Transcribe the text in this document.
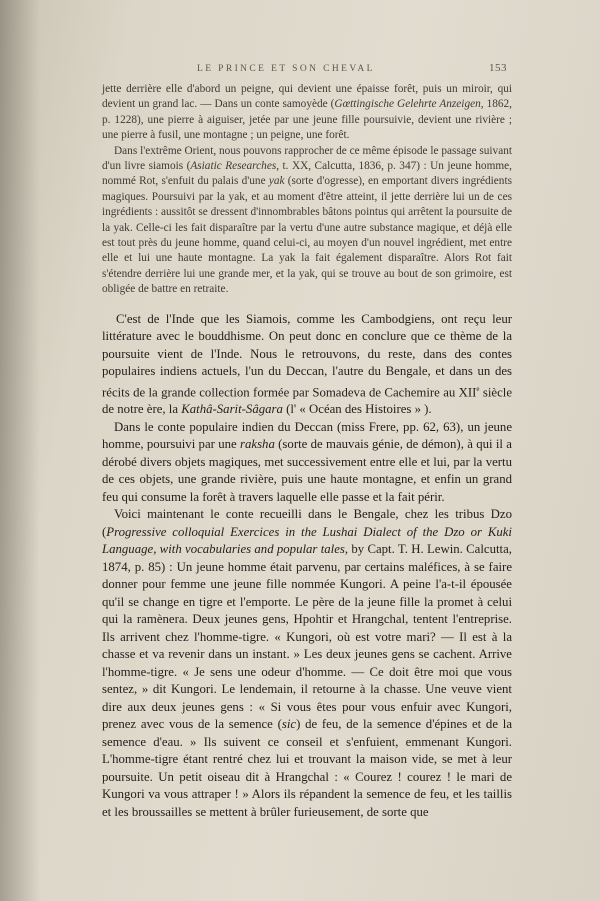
LE PRINCE ET SON CHEVAL	153

jette derrière elle d'abord un peigne, qui devient une épaisse forêt, puis un miroir, qui devient un grand lac. — Dans un conte samoyède (Gœttingische Gelehrte Anzeigen, 1862, p. 1228), une pierre à aiguiser, jetée par une jeune fille poursuivie, devient une rivière ; une pierre à fusil, une montagne ; un peigne, une forêt.

Dans l'extrême Orient, nous pouvons rapprocher de ce même épisode le passage suivant d'un livre siamois (Asiatic Researches, t. XX, Calcutta, 1836, p. 347) : Un jeune homme, nommé Rot, s'enfuit du palais d'une yak (sorte d'ogresse), en emportant divers ingrédients magiques. Poursuivi par la yak, et au moment d'être atteint, il jette derrière lui un de ces ingrédients : aussitôt se dressent d'innombrables bâtons pointus qui arrêtent la poursuite de la yak. Celle-ci les fait disparaître par la vertu d'une autre substance magique, et déjà elle est tout près du jeune homme, quand celui-ci, au moyen d'un nouvel ingrédient, met entre elle et lui une haute montagne. La yak la fait également disparaître. Alors Rot fait s'étendre derrière lui une grande mer, et la yak, qui se trouve au bout de son grimoire, est obligée de battre en retraite.

C'est de l'Inde que les Siamois, comme les Cambodgiens, ont reçu leur littérature avec le bouddhisme. On peut donc en conclure que ce thème de la poursuite vient de l'Inde. Nous le retrouvons, du reste, dans des contes populaires indiens actuels, l'un du Deccan, l'autre du Bengale, et dans un des récits de la grande collection formée par Somadeva de Cachemire au XIIe siècle de notre ère, la Kathâ-Sarit-Sâgara (l' « Océan des Histoires » ).

Dans le conte populaire indien du Deccan (miss Frere, pp. 62, 63), un jeune homme, poursuivi par une raksha (sorte de mauvais génie, de démon), à qui il a dérobé divers objets magiques, met successivement entre elle et lui, par la vertu de ces objets, une grande rivière, puis une haute montagne, et enfin un grand feu qui consume la forêt à travers laquelle elle passe et la fait périr.

Voici maintenant le conte recueilli dans le Bengale, chez les tribus Dzo (Progressive colloquial Exercices in the Lushai Dialect of the Dzo or Kuki Language, with vocabularies and popular tales, by Capt. T. H. Lewin. Calcutta, 1874, p. 85) : Un jeune homme était parvenu, par certains maléfices, à se faire donner pour femme une jeune fille nommée Kungori. A peine l'a-t-il épousée qu'il se change en tigre et l'emporte. Le père de la jeune fille la promet à celui qui la ramènera. Deux jeunes gens, Hpohtir et Hrangchal, tentent l'entreprise. Ils arrivent chez l'homme-tigre. « Kungori, où est votre mari? — Il est à la chasse et va revenir dans un instant. » Les deux jeunes gens se cachent. Arrive l'homme-tigre. « Je sens une odeur d'homme. — Ce doit être moi que vous sentez, » dit Kungori. Le lendemain, il retourne à la chasse. Une veuve vient dire aux deux jeunes gens : « Si vous êtes pour vous enfuir avec Kungori, prenez avec vous de la semence (sic) de feu, de la semence d'épines et de la semence d'eau. » Ils suivent ce conseil et s'enfuient, emmenant Kungori. L'homme-tigre étant rentré chez lui et trouvant la maison vide, se met à leur poursuite. Un petit oiseau dit à Hrangchal : « Courez ! courez ! le mari de Kungori va vous attraper ! » Alors ils répandent la semence de feu, et les taillis et les broussailles se mettent à brûler furieusement, de sorte que
